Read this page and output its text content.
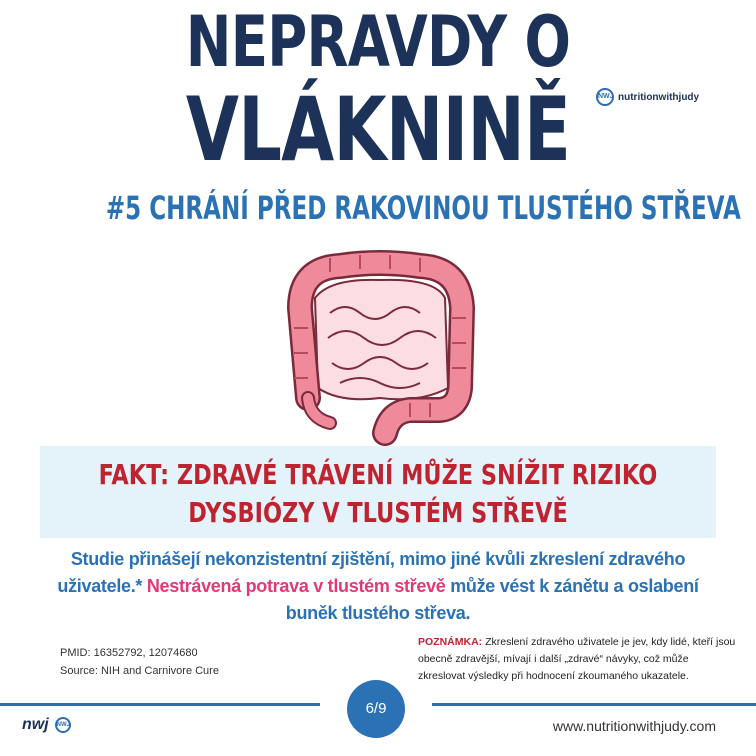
NEPRAVDY O
VLÁKNINĚ	NWJ nutritionwithjudy
#5 CHRÁNÍ PŘED RAKOVINOU TLUSTÉHO STŘEVA
FAKT: ZDRAVÉ TRÁVENÍ MŮŽE SNÍŽIT RIZIKO
DYSBIÓZY V TLUSTÉM STŘEVĚ
Studie přinášejí nekonzistentní zjištění, mimo jiné kvůli zkreslení zdravého uživatele.* Nestrávená potrava v tlustém střevě může vést k zánětu a oslabení buněk tlustého střeva.
PMID: 16352792, 12074680
Source: NIH and Carnivore Cure
POZNÁMKA: Zkreslení zdravého uživatele je jev, kdy lidé, kteří jsou obecně zdravější, mívají i další „zdravé“ návyky, což může zkreslovat výsledky při hodnocení zkoumaného ukazatele.
6/9
nwj	NWJ	www.nutritionwithjudy.com
